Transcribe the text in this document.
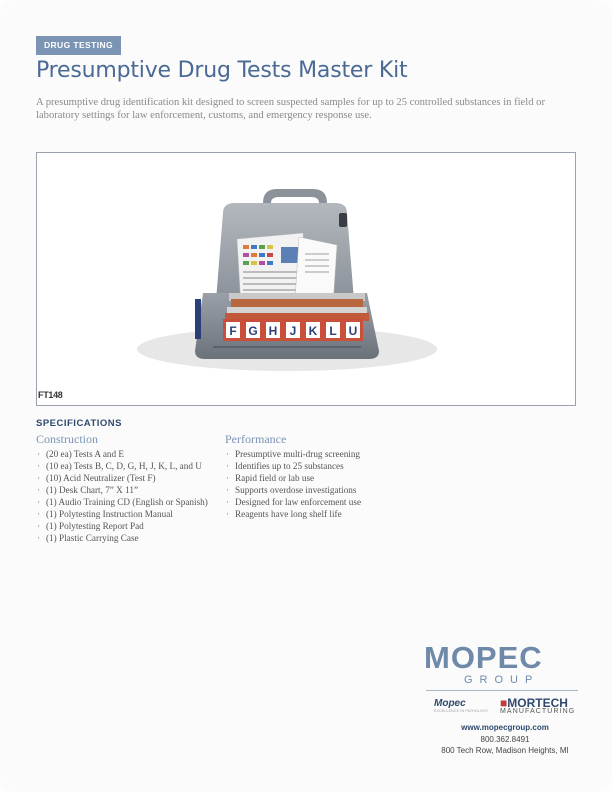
DRUG TESTING
Presumptive Drug Tests Master Kit
A presumptive drug identification kit designed to screen suspected samples for up to 25 controlled substances in field or laboratory settings for law enforcement, customs, and emergency response use.
F G H J K L U
FT148
SPECIFICATIONS
Construction
· (20 ea) Tests A and E
· (10 ea) Tests B, C, D, G, H, J, K, L, and U
· (10) Acid Neutralizer (Test F)
· (1) Desk Chart, 7” X 11”
· (1) Audio Training CD (English or Spanish)
· (1) Polytesting Instruction Manual
· (1) Polytesting Report Pad
· (1) Plastic Carrying Case
Performance
· Presumptive multi-drug screening
· Identifies up to 25 substances
· Rapid field or lab use
· Supports overdose investigations
· Designed for law enforcement use
· Reagents have long shelf life
MOPEC
GROUP
Mopec
EXCELLENCE IN PATHOLOGY
■MORTECH
MANUFACTURING
www.mopecgroup.com
800.362.8491
800 Tech Row, Madison Heights, MI
